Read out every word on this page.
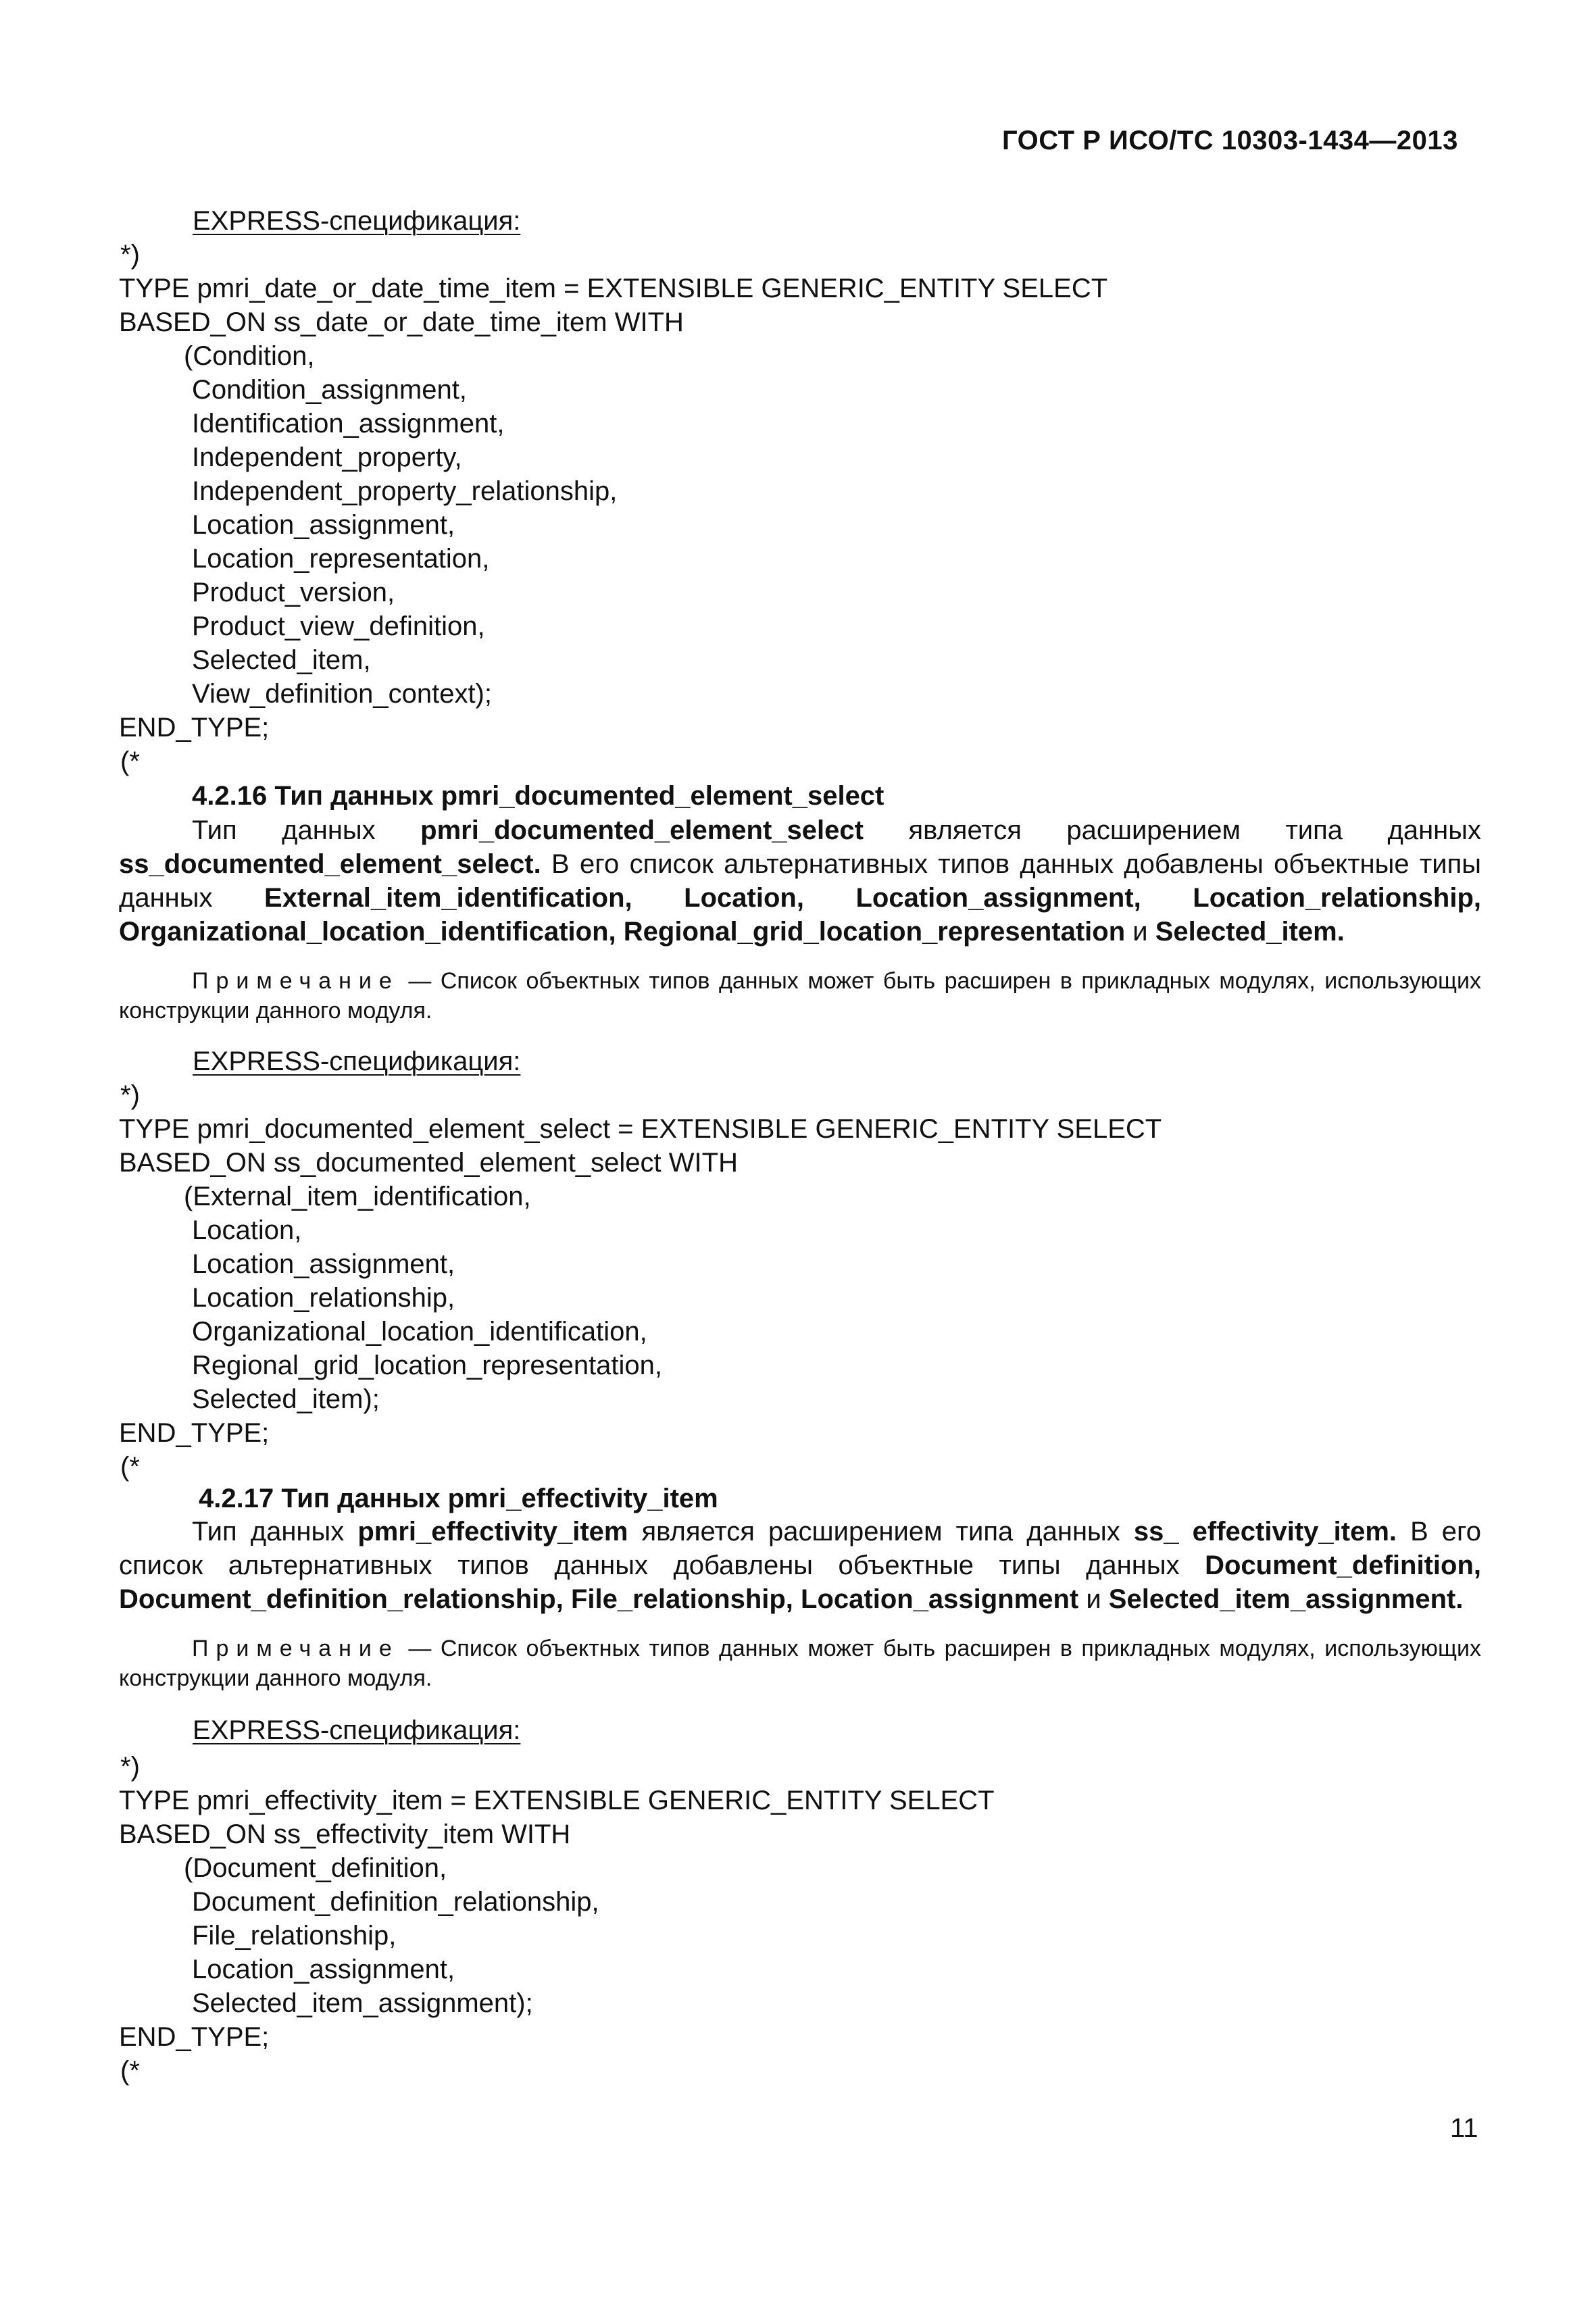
ГОСТ Р ИСО/ТС 10303-1434—2013
EXPRESS-спецификация:
*)
TYPE pmri_date_or_date_time_item = EXTENSIBLE GENERIC_ENTITY SELECT
BASED_ON ss_date_or_date_time_item WITH
(Condition,
Condition_assignment,
Identification_assignment,
Independent_property,
Independent_property_relationship,
Location_assignment,
Location_representation,
Product_version,
Product_view_definition,
Selected_item,
View_definition_context);
END_TYPE;
(*
4.2.16 Тип данных pmri_documented_element_select
Тип данных pmri_documented_element_select является расширением типа данных ss_documented_element_select. В его список альтернативных типов данных добавлены объектные типы данных External_item_identification, Location, Location_assignment, Location_relationship, Organizational_location_identification, Regional_grid_location_representation и Selected_item.
Примечание — Список объектных типов данных может быть расширен в прикладных модулях, использующих конструкции данного модуля.
EXPRESS-спецификация:
*)
TYPE pmri_documented_element_select = EXTENSIBLE GENERIC_ENTITY SELECT
BASED_ON ss_documented_element_select WITH
(External_item_identification,
Location,
Location_assignment,
Location_relationship,
Organizational_location_identification,
Regional_grid_location_representation,
Selected_item);
END_TYPE;
(*
4.2.17 Тип данных pmri_effectivity_item
Тип данных pmri_effectivity_item является расширением типа данных ss_ effectivity_item. В его список альтернативных типов данных добавлены объектные типы данных Document_definition, Document_definition_relationship, File_relationship, Location_assignment и Selected_item_assignment.
Примечание — Список объектных типов данных может быть расширен в прикладных модулях, использующих конструкции данного модуля.
EXPRESS-спецификация:
*)
TYPE pmri_effectivity_item = EXTENSIBLE GENERIC_ENTITY SELECT
BASED_ON ss_effectivity_item WITH
(Document_definition,
Document_definition_relationship,
File_relationship,
Location_assignment,
Selected_item_assignment);
END_TYPE;
(*
11
